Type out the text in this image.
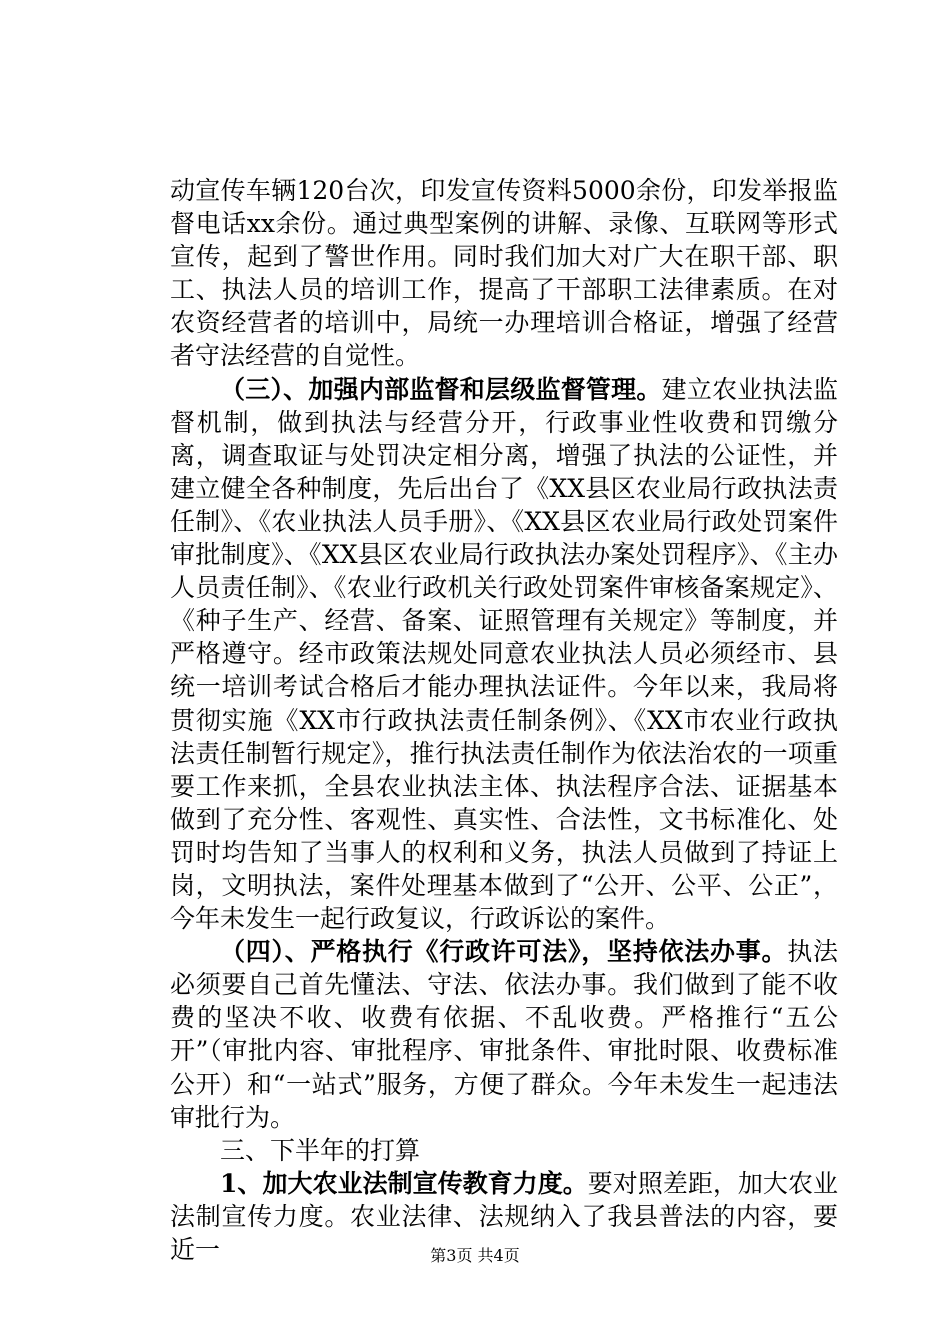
动宣传车辆120台次，印发宣传资料5000余份，印发举报监督电话xx余份。通过典型案例的讲解、录像、互联网等形式宣传，起到了警世作用。同时我们加大对广大在职干部、职工、执法人员的培训工作，提高了干部职工法律素质。在对农资经营者的培训中，局统一办理培训合格证，增强了经营者守法经营的自觉性。

（三）、加强内部监督和层级监督管理。建立农业执法监督机制，做到执法与经营分开，行政事业性收费和罚缴分离，调查取证与处罚决定相分离，增强了执法的公证性，并建立健全各种制度，先后出台了《XX县区农业局行政执法责任制》、《农业执法人员手册》、《XX县区农业局行政处罚案件审批制度》、《XX县区农业局行政执法办案处罚程序》、《主办人员责任制》、《农业行政机关行政处罚案件审核备案规定》、《种子生产、经营、备案、证照管理有关规定》等制度，并严格遵守。经市政策法规处同意农业执法人员必须经市、县统一培训考试合格后才能办理执法证件。今年以来，我局将贯彻实施《XX市行政执法责任制条例》、《XX市农业行政执法责任制暂行规定》，推行执法责任制作为依法治农的一项重要工作来抓，全县农业执法主体、执法程序合法、证据基本做到了充分性、客观性、真实性、合法性，文书标准化、处罚时均告知了当事人的权利和义务，执法人员做到了持证上岗，文明执法，案件处理基本做到了“公开、公平、公正”，今年未发生一起行政复议，行政诉讼的案件。

（四）、严格执行《行政许可法》，坚持依法办事。执法必须要自己首先懂法、守法、依法办事。我们做到了能不收费的坚决不收、收费有依据、不乱收费。严格推行“五公开”（审批内容、审批程序、审批条件、审批时限、收费标准公开）和“一站式”服务，方便了群众。今年未发生一起违法审批行为。

三、下半年的打算

1、加大农业法制宣传教育力度。要对照差距，加大农业法制宣传力度。农业法律、法规纳入了我县普法的内容，要近一	第3页 共4页
